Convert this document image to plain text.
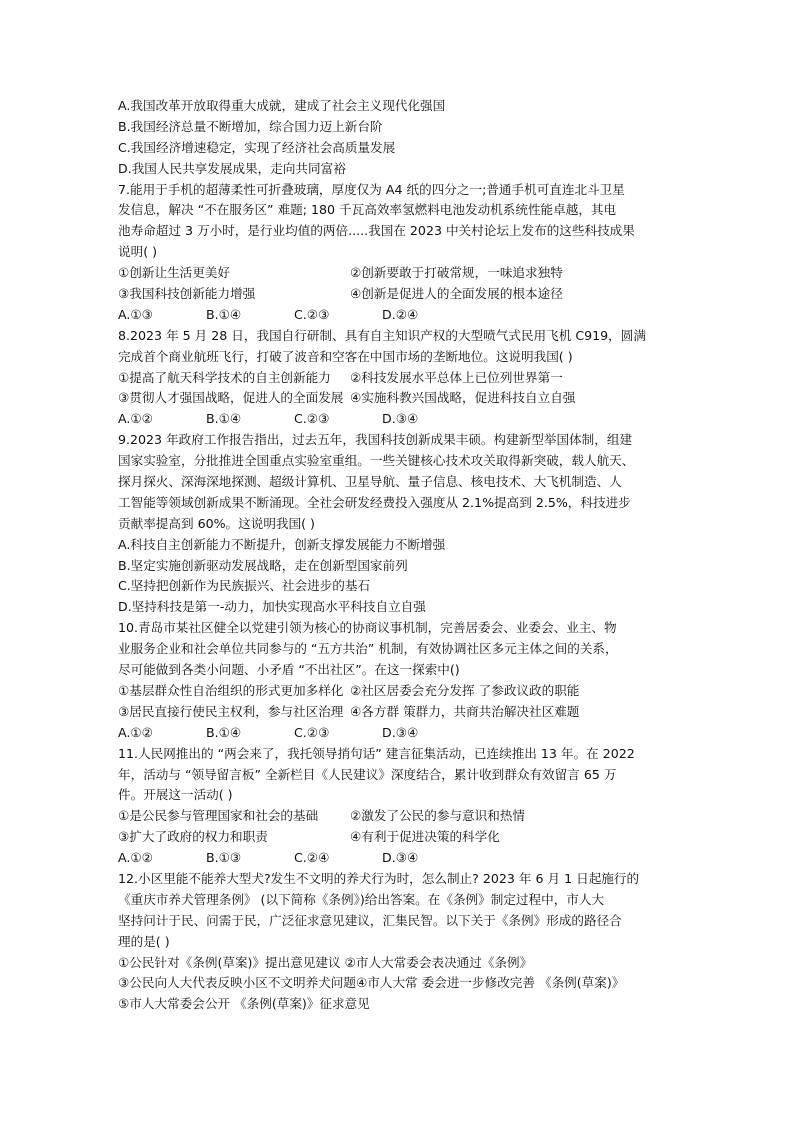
A.我国改革开放取得重大成就，建成了社会主义现代化强国
B.我国经济总量不断增加，综合国力迈上新台阶
C.我国经济增速稳定，实现了经济社会高质量发展
D.我国人民共享发展成果，走向共同富裕
7.能用于手机的超薄柔性可折叠玻璃，厚度仅为 A4 纸的四分之一;普通手机可直连北斗卫星
发信息，解决 “不在服务区” 难题; 180 千瓦高效率氢燃料电池发动机系统性能卓越，其电
池寿命超过 3 万小时，是行业均值的两倍.....我国在 2023 中关村论坛上发布的这些科技成果
说明( )
①创新让生活更美好	②创新要敢于打破常规，一味追求独特
③我国科技创新能力增强	④创新是促进人的全面发展的根本途径
A.①③	B.①④	C.②③	D.②④
8.2023 年 5 月 28 日，我国自行研制、具有自主知识产权的大型喷气式民用飞机 C919，圆满
完成首个商业航班飞行，打破了波音和空客在中国市场的垄断地位。这说明我国( )
①提高了航天科学技术的自主创新能力 ②科技发展水平总体上已位列世界第一
③贯彻人才强国战略，促进人的全面发展 ④实施科教兴国战略，促进科技自立自强
A.①②	B.①④	C.②③	D.③④
9.2023 年政府工作报告指出，过去五年，我国科技创新成果丰硕。构建新型举国体制，组建
国家实验室，分批推进全国重点实验室重组。一些关键核心技术攻关取得新突破，载人航天、
探月探火、深海深地探测、超级计算机、卫星导航、量子信息、核电技术、大飞机制造、人
工智能等领域创新成果不断涌现。全社会研发经费投入强度从 2.1%提高到 2.5%，科技进步
贡献率提高到 60%。这说明我国( )
A.科技自主创新能力不断提升，创新支撑发展能力不断增强
B.坚定实施创新驱动发展战略，走在创新型国家前列
C.坚持把创新作为民族振兴、社会进步的基石
D.坚持科技是第一-动力，加快实现高水平科技自立自强
10.青岛市某社区健全以党建引领为核心的协商议事机制，完善居委会、业委会、业主、物
业服务企业和社会单位共同参与的 “五方共治” 机制，有效协调社区多元主体之间的关系，
尽可能做到各类小问题、小矛盾 “不出社区”。在这一探索中()
①基层群众性自治组织的形式更加多样化 ②社区居委会充分发挥 了参政议政的职能
③居民直接行使民主权利，参与社区治理 ④各方群 策群力，共商共治解决社区难题
A.①②	B.①④	C.②③	D.③④
11.人民网推出的 “两会来了，我托领导捎句话” 建言征集活动，已连续推出 13 年。在 2022
年，活动与 “领导留言板” 全新栏目《人民建议》深度结合，累计收到群众有效留言 65 万
件。开展这一活动( )
①是公民参与管理国家和社会的基础	②激发了公民的参与意识和热情
③扩大了政府的权力和职责	④有利于促进决策的科学化
A.①②	B.①③	C.②④	D.③④
12.小区里能不能养大型犬?发生不文明的养犬行为时，怎么制止? 2023 年 6 月 1 日起施行的
《重庆市养犬管理条例》 (以下简称《条例》)给出答案。在《条例》制定过程中，市人大
坚持问计于民、问需于民，广泛征求意见建议，汇集民智。以下关于《条例》形成的路径合
理的是( )
①公民针对《条例(草案)》提出意见建议 ②市人大常委会表决通过《条例》
③公民向人大代表反映小区不文明养犬问题④市人大常 委会进一步修改完善 《条例(草案)》
⑤市人大常委会公开 《条例(草案)》征求意见
